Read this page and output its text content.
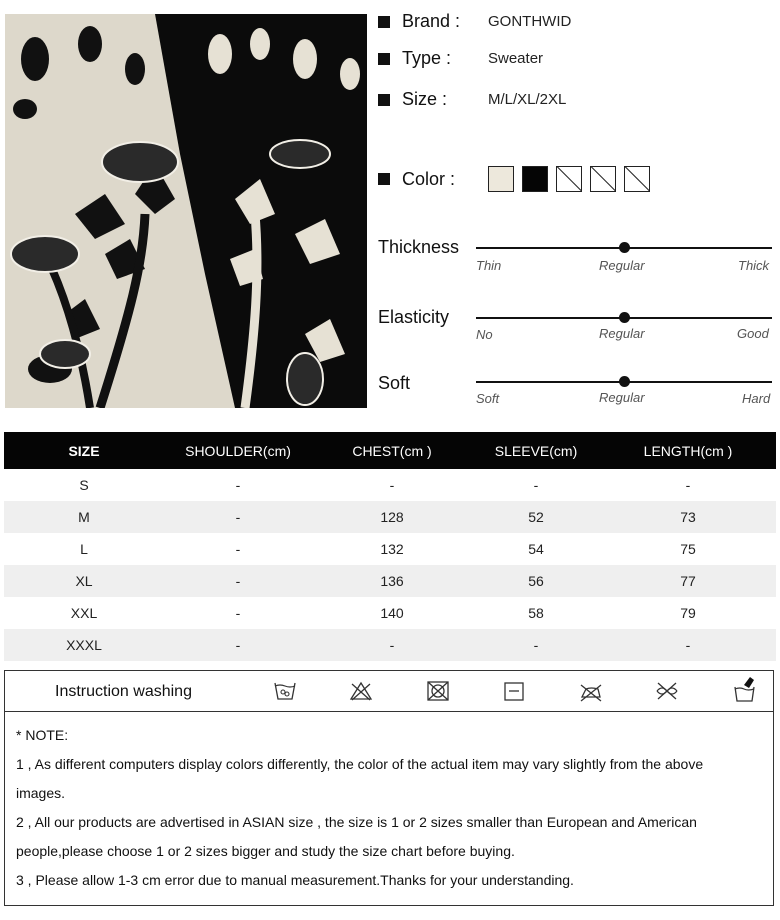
Brand :	GONTHWID
Type :	Sweater
Size :	M/L/XL/2XL
Color :
Thickness
Thin	Regular	Thick
Elasticity
No	Regular	Good
Soft
Soft	Regular	Hard
SIZE	SHOULDER(cm)	CHEST(cm )	SLEEVE(cm)	LENGTH(cm )
S	-	-	-	-
M	-	128	52	73
L	-	132	54	75
XL	-	136	56	77
XXL	-	140	58	79
XXXL	-	-	-	-
Instruction washing
* NOTE:
1 , As different computers display colors differently, the color of the actual item may vary slightly from the above
images.
2 , All our products are advertised in ASIAN size , the size is 1 or 2 sizes smaller than European and American
people,please choose 1 or 2 sizes bigger and study the size chart before buying.
3 , Please allow 1-3 cm error due to manual measurement.Thanks for your understanding.
